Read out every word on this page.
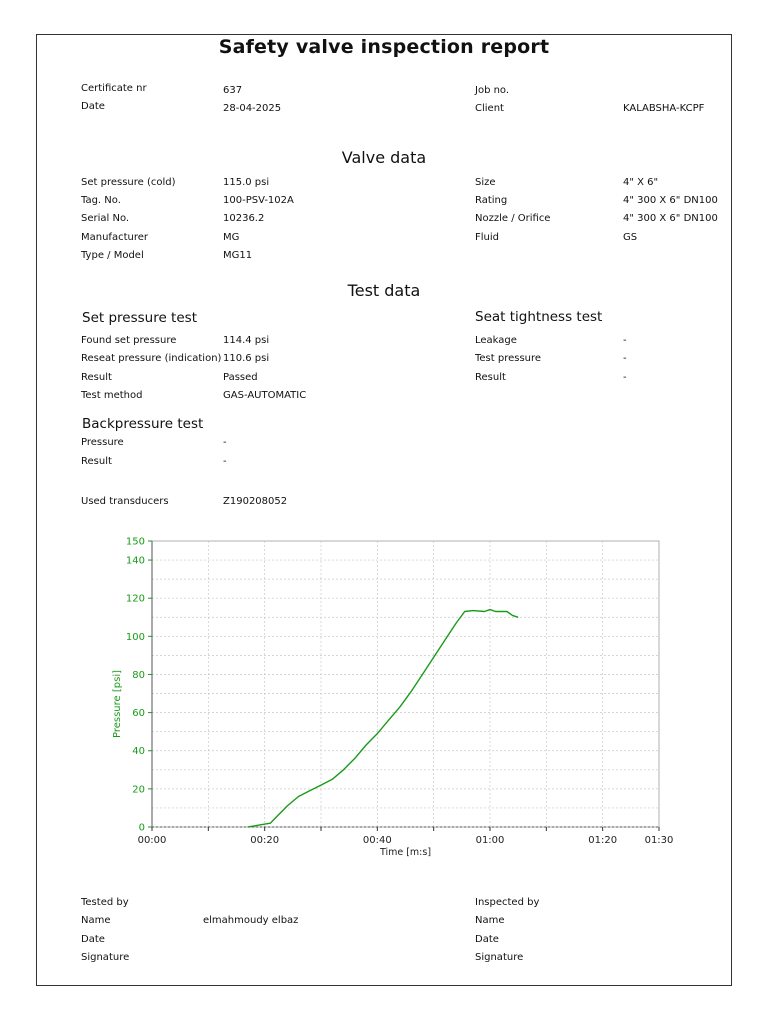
Safety valve inspection report
Certificate nr	637
Date	28-04-2025
Job no.
Client	KALABSHA-KCPF
Valve data
Set pressure (cold)	115.0 psi
Tag. No.	100-PSV-102A
Serial No.	10236.2
Manufacturer	MG
Type / Model	MG11
Size	4" X 6"
Rating	4" 300 X 6" DN100
Nozzle / Orifice	4" 300 X 6" DN100
Fluid	GS
Test data
Set pressure test	Seat tightness test
Found set pressure	114.4 psi
Reseat pressure (indication) 110.6 psi
Result	Passed
Test method	GAS-AUTOMATIC
Leakage	-
Test pressure	-
Result	-
Backpressure test
Pressure	-
Result	-
Used transducers	Z190208052
0
20
40
60
80
100
120
140
150
00:00	00:20	00:40	01:00	01:20	01:30
Time [m:s]
Pressure [psi]
Tested by
Name	elmahmoudy elbaz
Date
Signature
Inspected by
Name
Date
Signature
